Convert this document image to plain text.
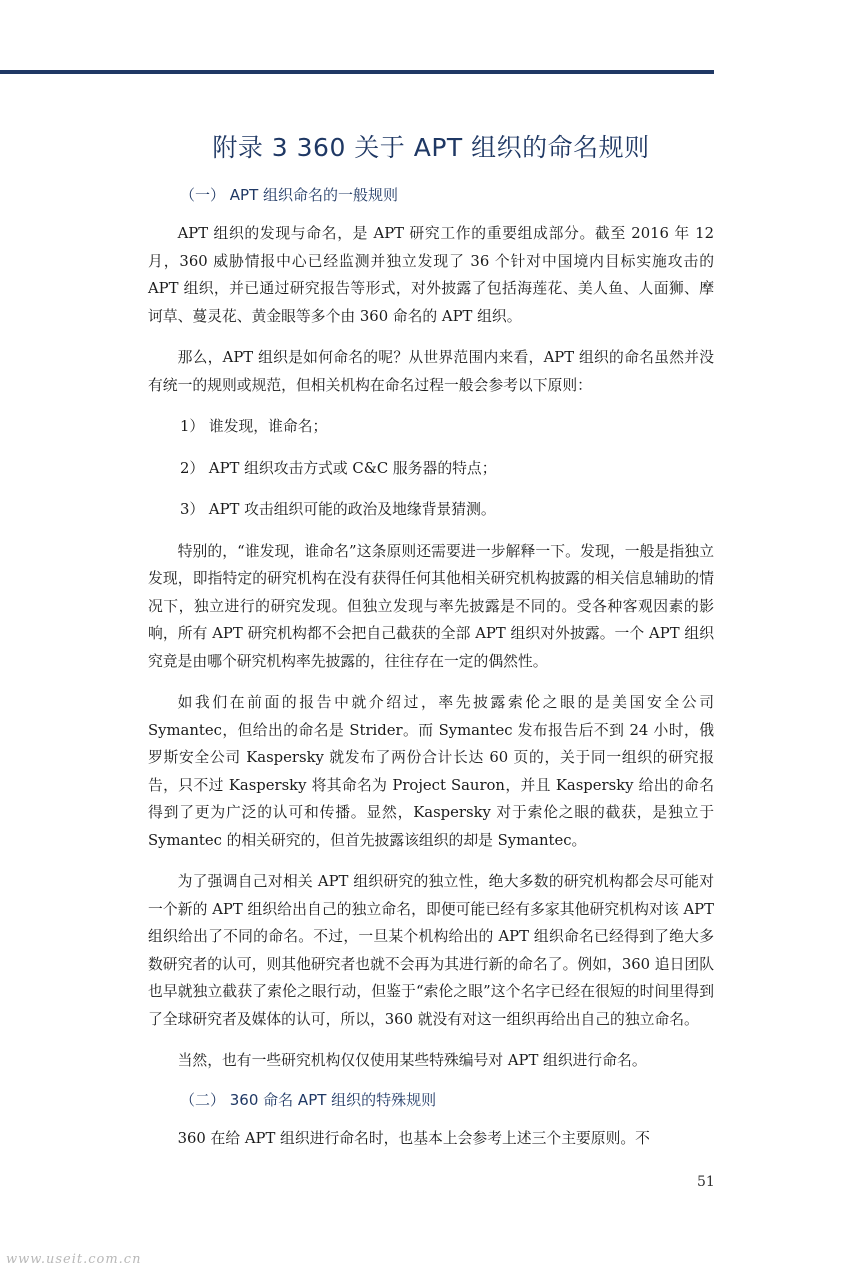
附录 3 360 关于 APT 组织的命名规则
（一） APT 组织命名的一般规则

APT 组织的发现与命名，是 APT 研究工作的重要组成部分。截至 2016 年 12 月，360 威胁情报中心已经监测并独立发现了 36 个针对中国境内目标实施攻击的 APT 组织，并已通过研究报告等形式，对外披露了包括海莲花、美人鱼、人面狮、摩诃草、蔓灵花、黄金眼等多个由 360 命名的 APT 组织。

那么，APT 组织是如何命名的呢？从世界范围内来看，APT 组织的命名虽然并没有统一的规则或规范，但相关机构在命名过程一般会参考以下原则：

1） 谁发现，谁命名；

2） APT 组织攻击方式或 C&C 服务器的特点；

3） APT 攻击组织可能的政治及地缘背景猜测。

特别的，“谁发现，谁命名”这条原则还需要进一步解释一下。发现，一般是指独立发现，即指特定的研究机构在没有获得任何其他相关研究机构披露的相关信息辅助的情况下，独立进行的研究发现。但独立发现与率先披露是不同的。受各种客观因素的影响，所有 APT 研究机构都不会把自己截获的全部 APT 组织对外披露。一个 APT 组织究竟是由哪个研究机构率先披露的，往往存在一定的偶然性。

如我们在前面的报告中就介绍过，率先披露索伦之眼的是美国安全公司 Symantec，但给出的命名是 Strider。而 Symantec 发布报告后不到 24 小时，俄罗斯安全公司 Kaspersky 就发布了两份合计长达 60 页的，关于同一组织的研究报告，只不过 Kaspersky 将其命名为 Project Sauron，并且 Kaspersky 给出的命名得到了更为广泛的认可和传播。显然，Kaspersky 对于索伦之眼的截获，是独立于 Symantec 的相关研究的，但首先披露该组织的却是 Symantec。

为了强调自己对相关 APT 组织研究的独立性，绝大多数的研究机构都会尽可能对一个新的 APT 组织给出自己的独立命名，即便可能已经有多家其他研究机构对该 APT 组织给出了不同的命名。不过，一旦某个机构给出的 APT 组织命名已经得到了绝大多数研究者的认可，则其他研究者也就不会再为其进行新的命名了。例如，360 追日团队也早就独立截获了索伦之眼行动，但鉴于“索伦之眼”这个名字已经在很短的时间里得到了全球研究者及媒体的认可，所以，360 就没有对这一组织再给出自己的独立命名。

当然，也有一些研究机构仅仅使用某些特殊编号对 APT 组织进行命名。

（二） 360 命名 APT 组织的特殊规则

360 在给 APT 组织进行命名时，也基本上会参考上述三个主要原则。不

51
www.useit.com.cn
